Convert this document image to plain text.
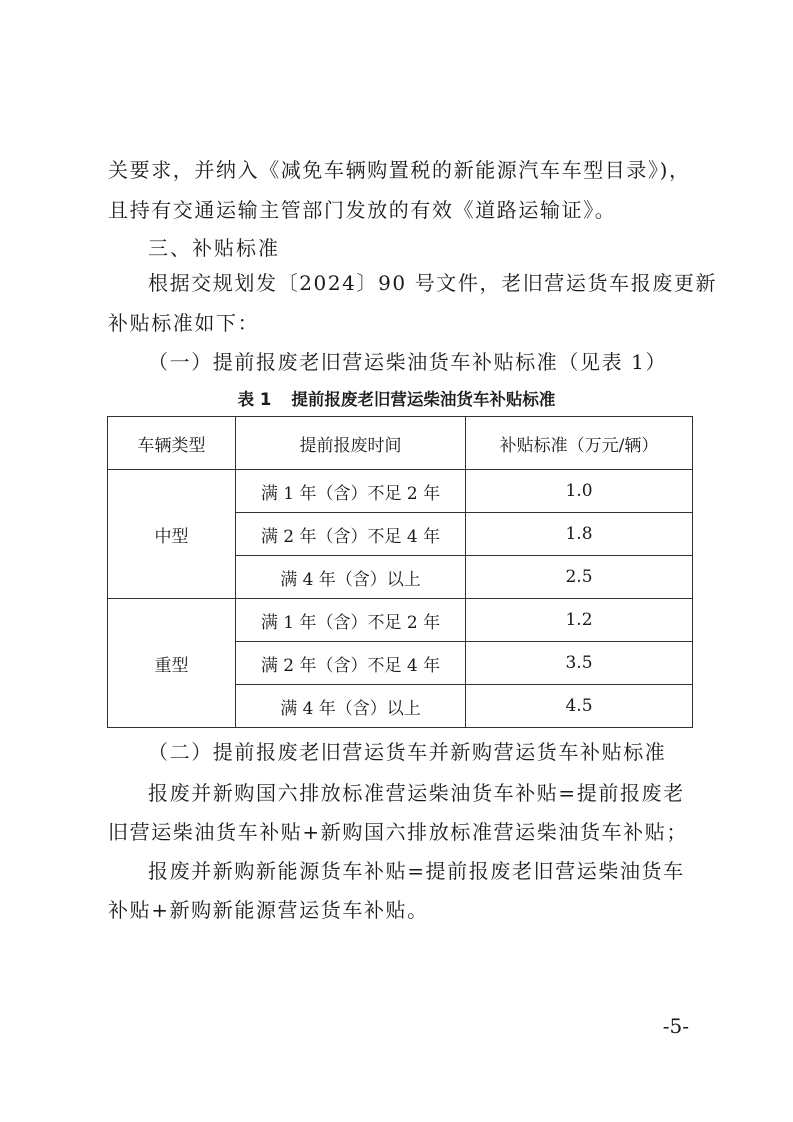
关要求，并纳入《减免车辆购置税的新能源汽车车型目录》)，
且持有交通运输主管部门发放的有效《道路运输证》。
三、补贴标准
根据交规划发〔2024〕90 号文件，老旧营运货车报废更新
补贴标准如下：
（一）提前报废老旧营运柴油货车补贴标准（见表 1）
表 1 提前报废老旧营运柴油货车补贴标准
车辆类型	提前报废时间	补贴标准（万元/辆）
中型	满 1 年（含）不足 2 年	1.0
	满 2 年（含）不足 4 年	1.8
	满 4 年（含）以上	2.5
重型	满 1 年（含）不足 2 年	1.2
	满 2 年（含）不足 4 年	3.5
	满 4 年（含）以上	4.5
（二）提前报废老旧营运货车并新购营运货车补贴标准
报废并新购国六排放标准营运柴油货车补贴=提前报废老
旧营运柴油货车补贴+新购国六排放标准营运柴油货车补贴；
报废并新购新能源货车补贴=提前报废老旧营运柴油货车
补贴+新购新能源营运货车补贴。
-5-
